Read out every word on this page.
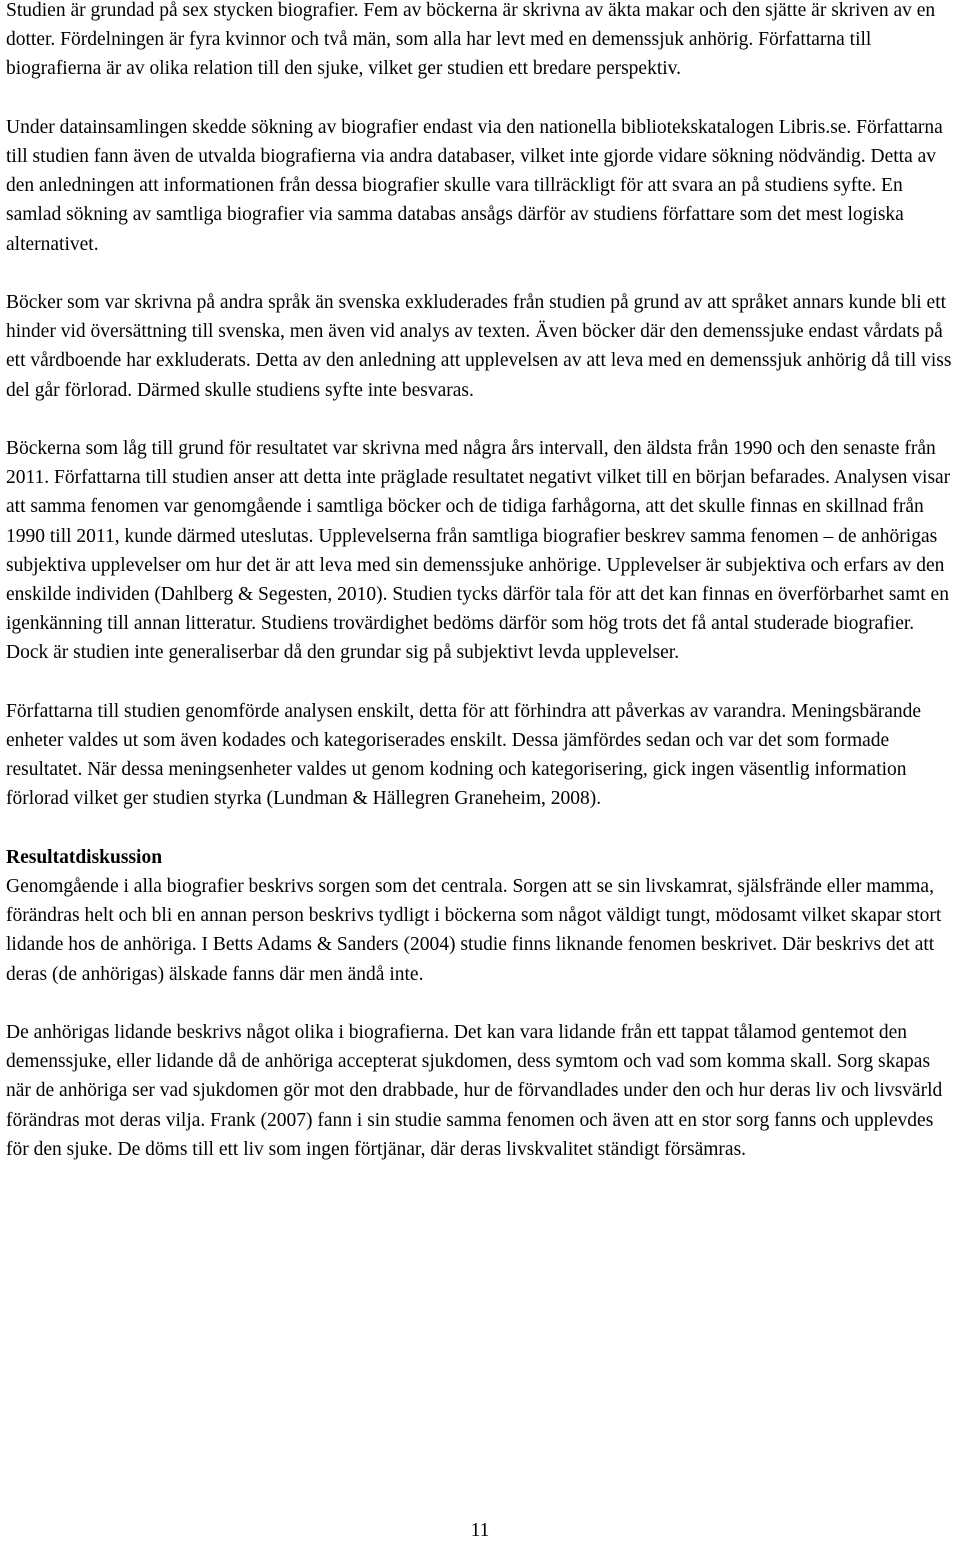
Studien är grundad på sex stycken biografier. Fem av böckerna är skrivna av äkta makar och den sjätte är skriven av en dotter. Fördelningen är fyra kvinnor och två män, som alla har levt med en demenssjuk anhörig. Författarna till biografierna är av olika relation till den sjuke, vilket ger studien ett bredare perspektiv.

Under datainsamlingen skedde sökning av biografier endast via den nationella bibliotekskatalogen Libris.se. Författarna till studien fann även de utvalda biografierna via andra databaser, vilket inte gjorde vidare sökning nödvändig. Detta av den anledningen att informationen från dessa biografier skulle vara tillräckligt för att svara an på studiens syfte. En samlad sökning av samtliga biografier via samma databas ansågs därför av studiens författare som det mest logiska alternativet.

Böcker som var skrivna på andra språk än svenska exkluderades från studien på grund av att språket annars kunde bli ett hinder vid översättning till svenska, men även vid analys av texten. Även böcker där den demenssjuke endast vårdats på ett vårdboende har exkluderats. Detta av den anledning att upplevelsen av att leva med en demenssjuk anhörig då till viss del går förlorad. Därmed skulle studiens syfte inte besvaras.

Böckerna som låg till grund för resultatet var skrivna med några års intervall, den äldsta från 1990 och den senaste från 2011. Författarna till studien anser att detta inte präglade resultatet negativt vilket till en början befarades. Analysen visar att samma fenomen var genomgående i samtliga böcker och de tidiga farhågorna, att det skulle finnas en skillnad från 1990 till 2011, kunde därmed uteslutas. Upplevelserna från samtliga biografier beskrev samma fenomen – de anhörigas subjektiva upplevelser om hur det är att leva med sin demenssjuke anhörige. Upplevelser är subjektiva och erfars av den enskilde individen (Dahlberg & Segesten, 2010). Studien tycks därför tala för att det kan finnas en överförbarhet samt en igenkänning till annan litteratur. Studiens trovärdighet bedöms därför som hög trots det få antal studerade biografier. Dock är studien inte generaliserbar då den grundar sig på subjektivt levda upplevelser.

Författarna till studien genomförde analysen enskilt, detta för att förhindra att påverkas av varandra. Meningsbärande enheter valdes ut som även kodades och kategoriserades enskilt. Dessa jämfördes sedan och var det som formade resultatet. När dessa meningsenheter valdes ut genom kodning och kategorisering, gick ingen väsentlig information förlorad vilket ger studien styrka (Lundman & Hällegren Graneheim, 2008).

Resultatdiskussion

Genomgående i alla biografier beskrivs sorgen som det centrala. Sorgen att se sin livskamrat, själsfrände eller mamma, förändras helt och bli en annan person beskrivs tydligt i böckerna som något väldigt tungt, mödosamt vilket skapar stort lidande hos de anhöriga. I Betts Adams & Sanders (2004) studie finns liknande fenomen beskrivet. Där beskrivs det att deras (de anhörigas) älskade fanns där men ändå inte.

De anhörigas lidande beskrivs något olika i biografierna. Det kan vara lidande från ett tappat tålamod gentemot den demenssjuke, eller lidande då de anhöriga accepterat sjukdomen, dess symtom och vad som komma skall. Sorg skapas när de anhöriga ser vad sjukdomen gör mot den drabbade, hur de förvandlades under den och hur deras liv och livsvärld förändras mot deras vilja. Frank (2007) fann i sin studie samma fenomen och även att en stor sorg fanns och upplevdes för den sjuke. De döms till ett liv som ingen förtjänar, där deras livskvalitet ständigt försämras.

11
